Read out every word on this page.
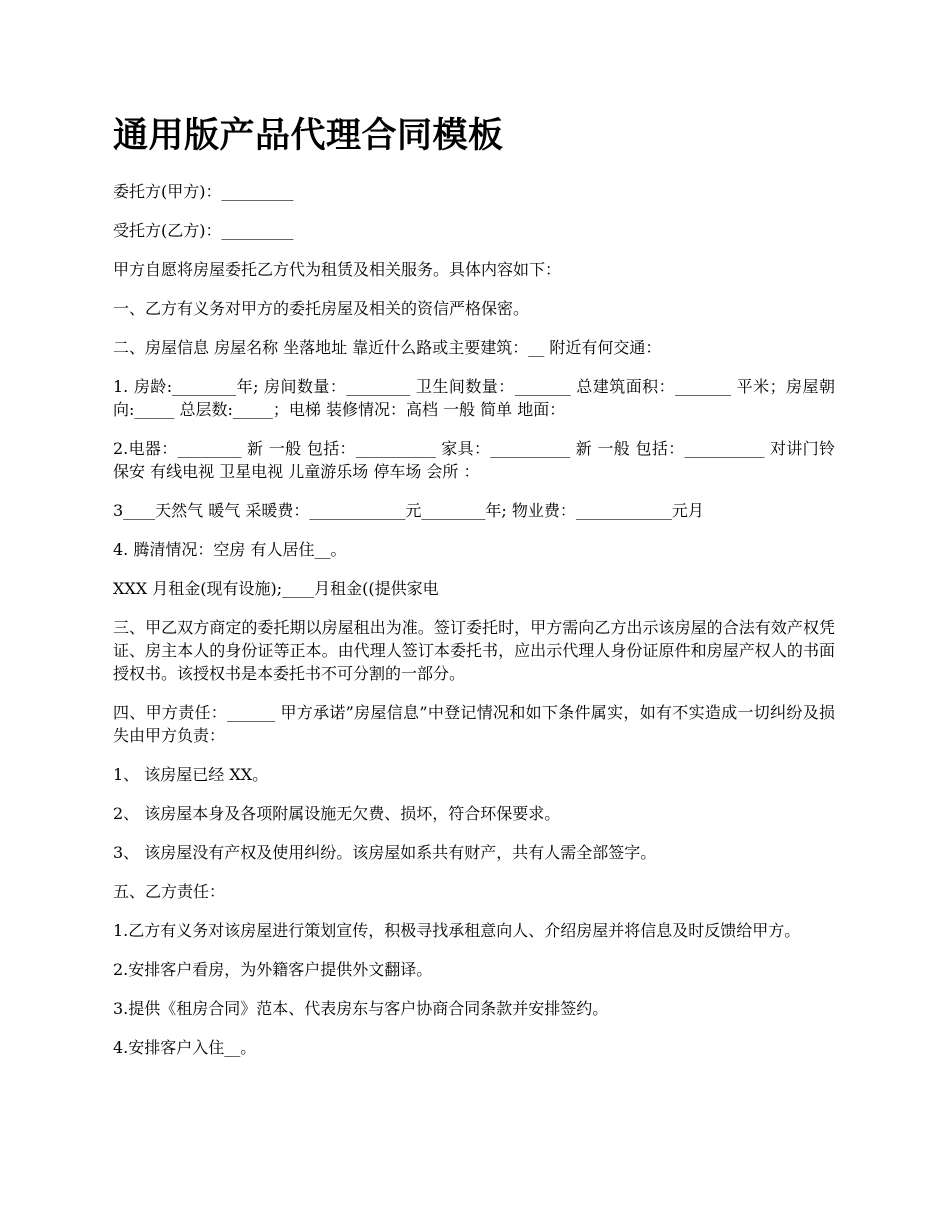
通用版产品代理合同模板

委托方(甲方)：_________

受托方(乙方)：_________

甲方自愿将房屋委托乙方代为租赁及相关服务。具体内容如下：

一、乙方有义务对甲方的委托房屋及相关的资信严格保密。

二、房屋信息 房屋名称 坐落地址 靠近什么路或主要建筑：__ 附近有何交通：

1. 房龄:________年; 房间数量：________ 卫生间数量：_______ 总建筑面积：_______ 平米；房屋朝向:_____ 总层数:_____；电梯 装修情况：高档 一般 简单 地面：

2.电器：________ 新 一般 包括：__________ 家具：__________ 新 一般 包括：__________ 对讲门铃 保安 有线电视 卫星电视 儿童游乐场 停车场 会所 ：

3____天然气 暖气 采暖费：____________元________年; 物业费：____________元月

4. 腾清情况：空房 有人居住__。

XXX 月租金(现有设施);____月租金((提供家电

三、甲乙双方商定的委托期以房屋租出为准。签订委托时，甲方需向乙方出示该房屋的合法有效产权凭证、房主本人的身份证等正本。由代理人签订本委托书，应出示代理人身份证原件和房屋产权人的书面授权书。该授权书是本委托书不可分割的一部分。

四、甲方责任：______ 甲方承诺”房屋信息”中登记情况和如下条件属实，如有不实造成一切纠纷及损失由甲方负责：

1、 该房屋已经 XX。

2、 该房屋本身及各项附属设施无欠费、损坏，符合环保要求。

3、 该房屋没有产权及使用纠纷。该房屋如系共有财产，共有人需全部签字。

五、乙方责任：

1.乙方有义务对该房屋进行策划宣传，积极寻找承租意向人、介绍房屋并将信息及时反馈给甲方。

2.安排客户看房，为外籍客户提供外文翻译。

3.提供《租房合同》范本、代表房东与客户协商合同条款并安排签约。

4.安排客户入住__。
